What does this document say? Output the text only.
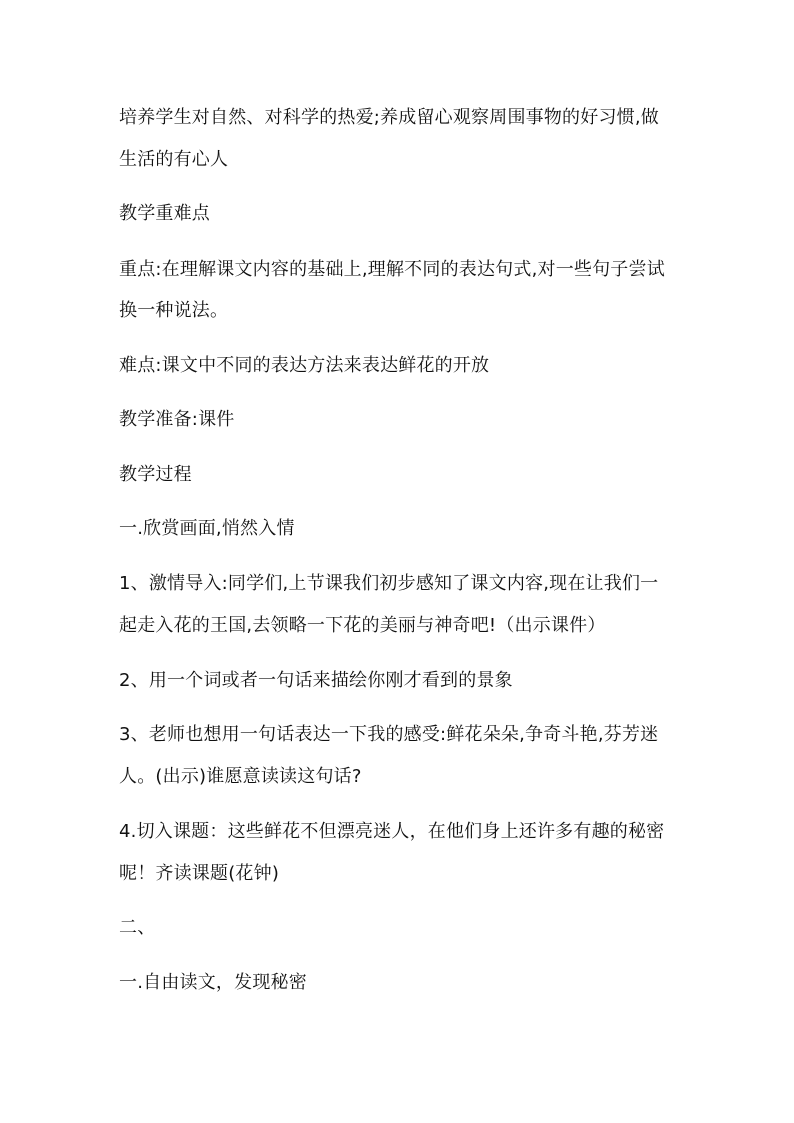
培养学生对自然、对科学的热爱;养成留心观察周围事物的好习惯,做
生活的有心人
教学重难点
重点:在理解课文内容的基础上,理解不同的表达句式,对一些句子尝试
换一种说法。
难点:课文中不同的表达方法来表达鲜花的开放
教学准备:课件
教学过程
一.欣赏画面,悄然入情
1、激情导入:同学们,上节课我们初步感知了课文内容,现在让我们一
起走入花的王国,去领略一下花的美丽与神奇吧!（出示课件）
2、用一个词或者一句话来描绘你刚才看到的景象
3、老师也想用一句话表达一下我的感受:鲜花朵朵,争奇斗艳,芬芳迷
人。(出示)谁愿意读读这句话?
4.切入课题：这些鲜花不但漂亮迷人，在他们身上还许多有趣的秘密
呢！齐读课题(花钟)
二、
一.自由读文，发现秘密
